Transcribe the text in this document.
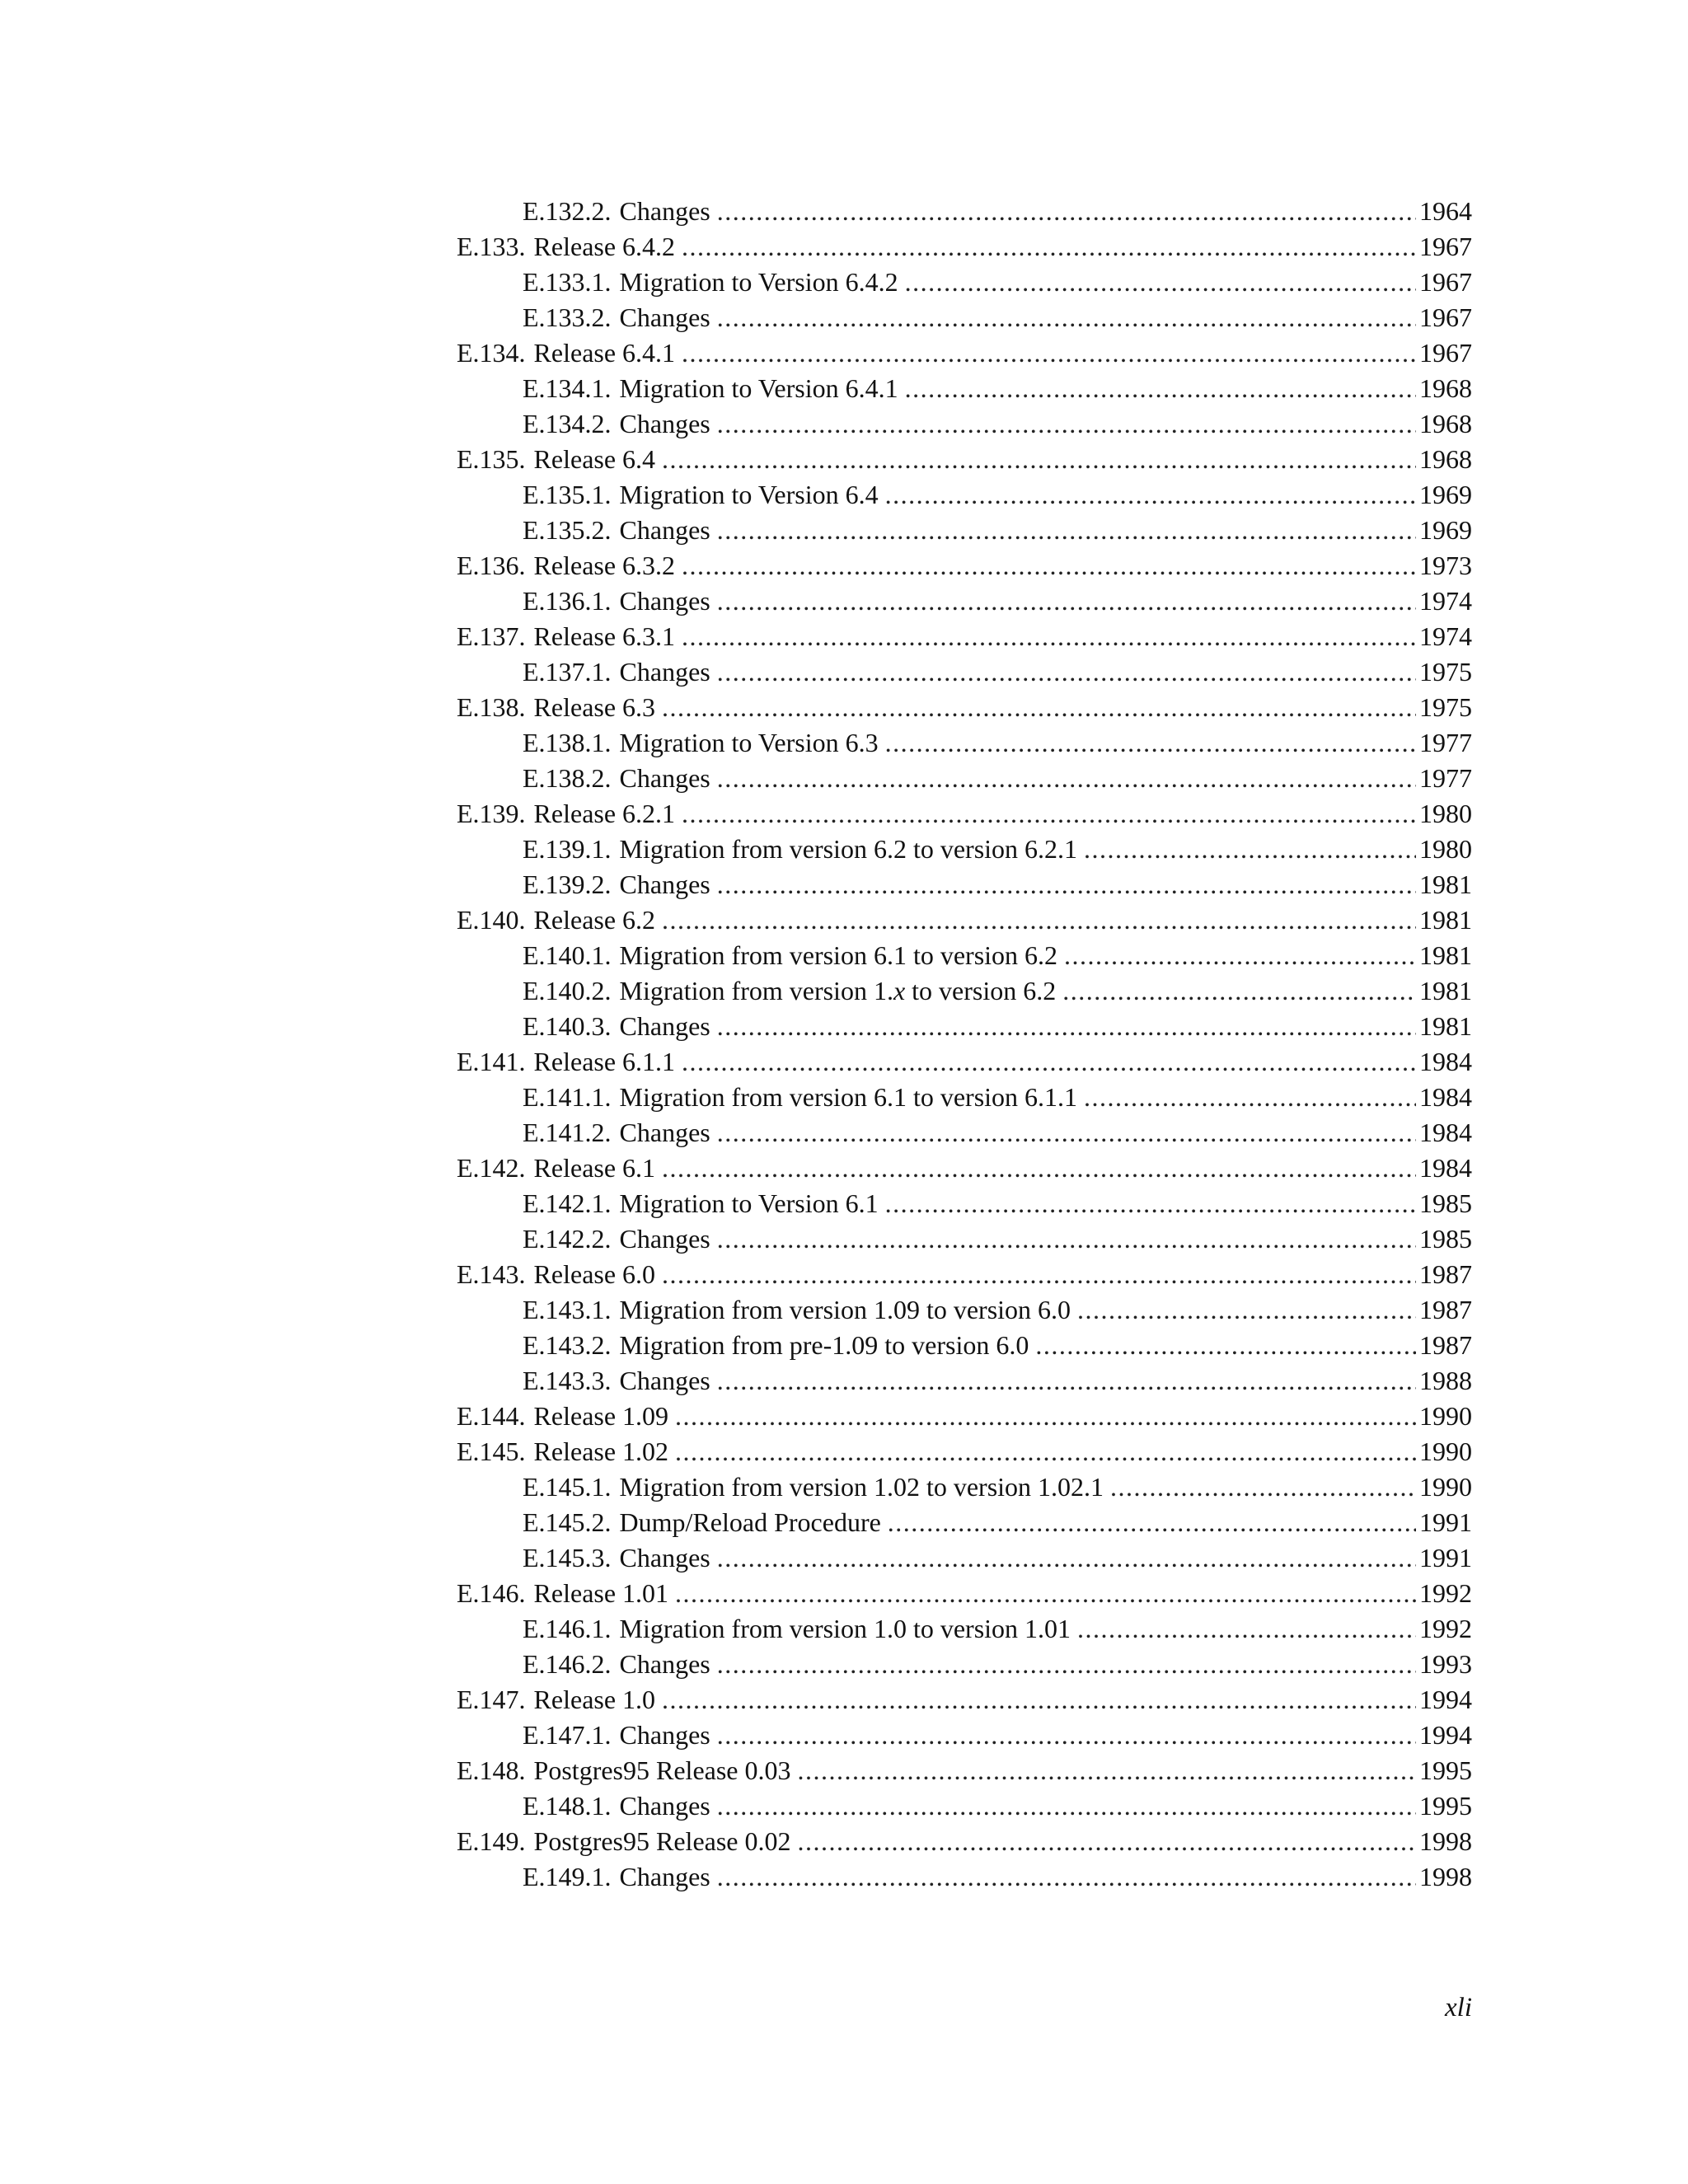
E.132.2. Changes .....	1964
E.133. Release 6.4.2 .....	1967
E.133.1. Migration to Version 6.4.2 .....	1967
E.133.2. Changes .....	1967
E.134. Release 6.4.1 .....	1967
E.134.1. Migration to Version 6.4.1 .....	1968
E.134.2. Changes .....	1968
E.135. Release 6.4 .....	1968
E.135.1. Migration to Version 6.4 .....	1969
E.135.2. Changes .....	1969
E.136. Release 6.3.2 .....	1973
E.136.1. Changes .....	1974
E.137. Release 6.3.1 .....	1974
E.137.1. Changes .....	1975
E.138. Release 6.3 .....	1975
E.138.1. Migration to Version 6.3 .....	1977
E.138.2. Changes .....	1977
E.139. Release 6.2.1 .....	1980
E.139.1. Migration from version 6.2 to version 6.2.1 .....	1980
E.139.2. Changes .....	1981
E.140. Release 6.2 .....	1981
E.140.1. Migration from version 6.1 to version 6.2 .....	1981
E.140.2. Migration from version 1.x to version 6.2 .....	1981
E.140.3. Changes .....	1981
E.141. Release 6.1.1 .....	1984
E.141.1. Migration from version 6.1 to version 6.1.1 .....	1984
E.141.2. Changes .....	1984
E.142. Release 6.1 .....	1984
E.142.1. Migration to Version 6.1 .....	1985
E.142.2. Changes .....	1985
E.143. Release 6.0 .....	1987
E.143.1. Migration from version 1.09 to version 6.0 .....	1987
E.143.2. Migration from pre-1.09 to version 6.0 .....	1987
E.143.3. Changes .....	1988
E.144. Release 1.09 .....	1990
E.145. Release 1.02 .....	1990
E.145.1. Migration from version 1.02 to version 1.02.1 .....	1990
E.145.2. Dump/Reload Procedure .....	1991
E.145.3. Changes .....	1991
E.146. Release 1.01 .....	1992
E.146.1. Migration from version 1.0 to version 1.01 .....	1992
E.146.2. Changes .....	1993
E.147. Release 1.0 .....	1994
E.147.1. Changes .....	1994
E.148. Postgres95 Release 0.03 .....	1995
E.148.1. Changes .....	1995
E.149. Postgres95 Release 0.02 .....	1998
E.149.1. Changes .....	1998
xli
